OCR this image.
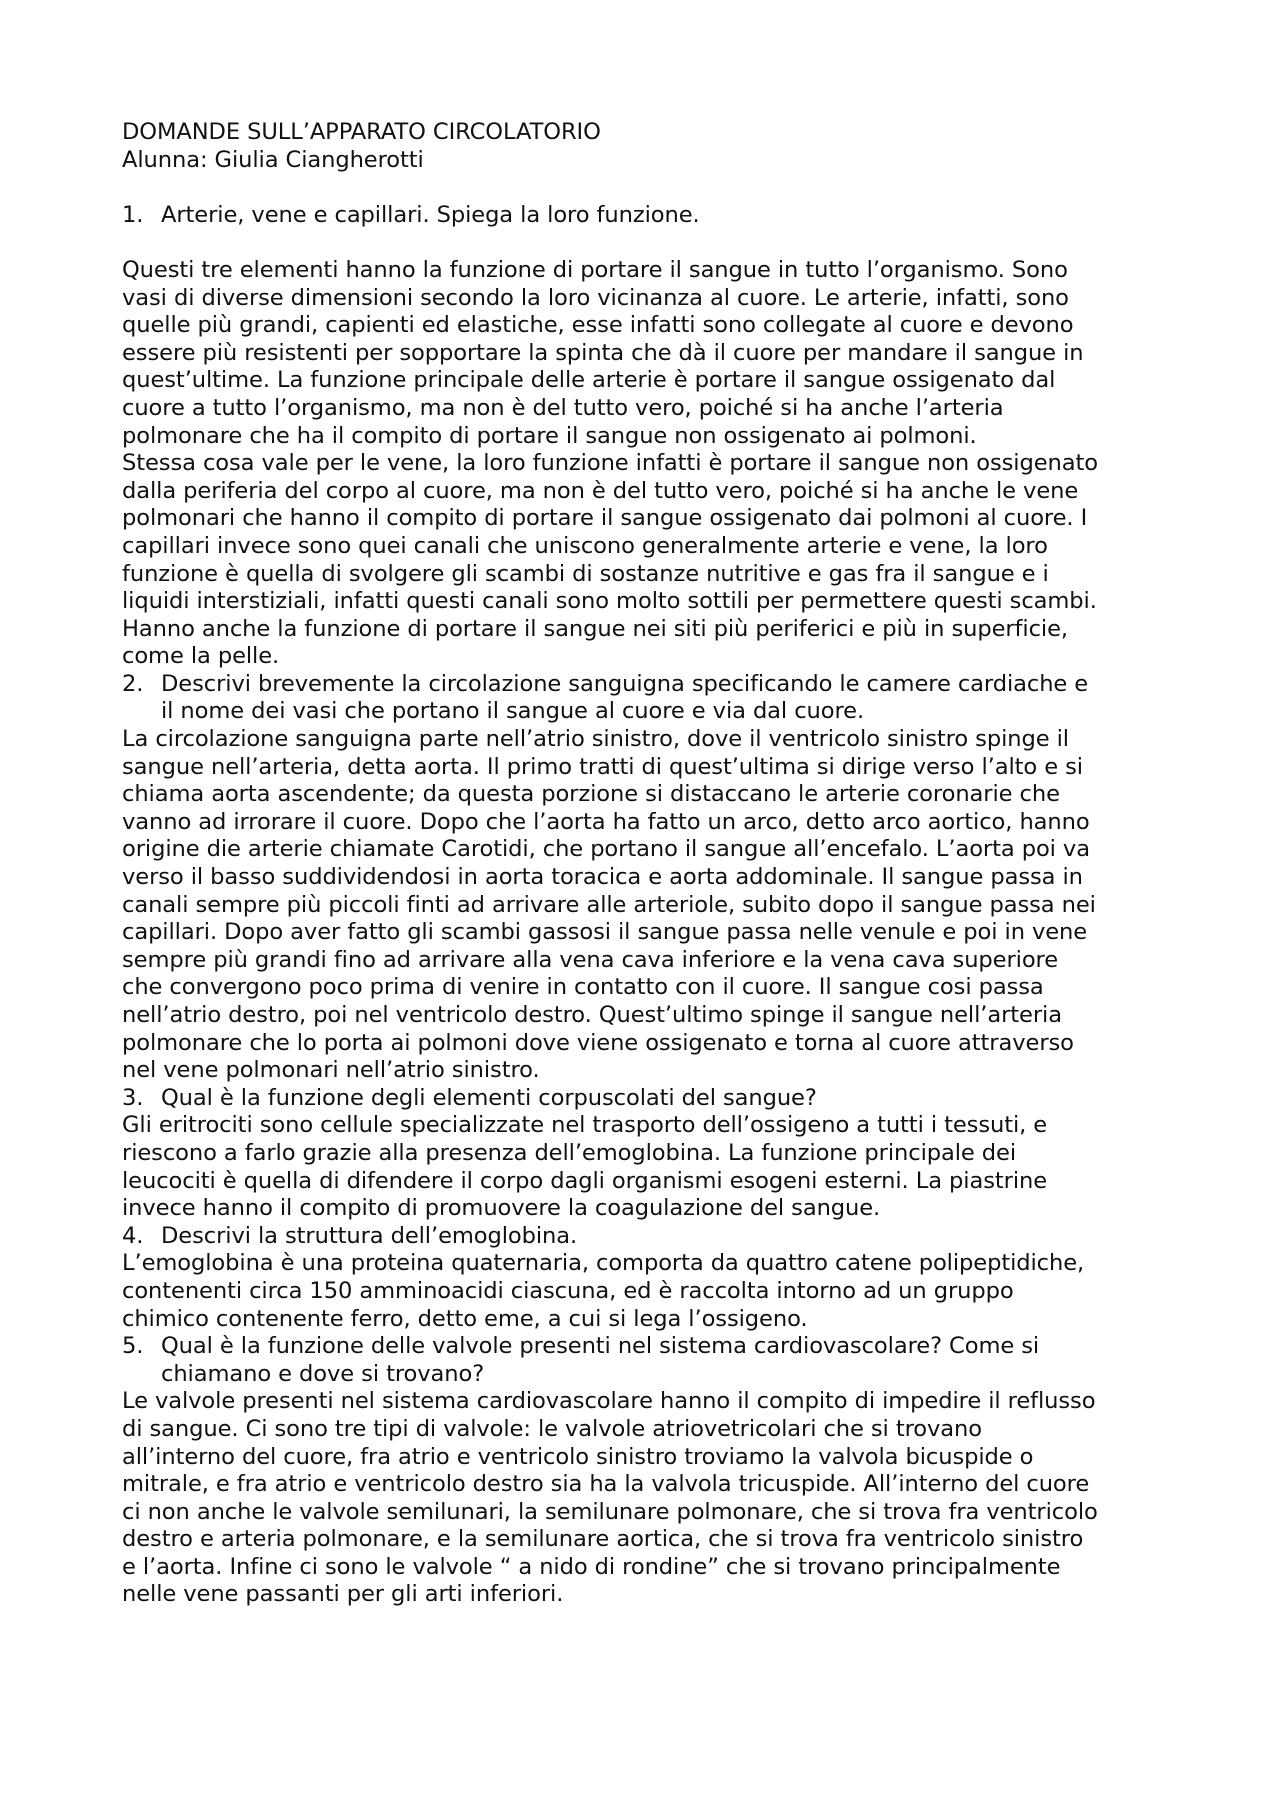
DOMANDE SULL’APPARATO CIRCOLATORIO
Alunna: Giulia Ciangherotti
1. Arterie, vene e capillari. Spiega la loro funzione.
Questi tre elementi hanno la funzione di portare il sangue in tutto l’organismo. Sono
vasi di diverse dimensioni secondo la loro vicinanza al cuore. Le arterie, infatti, sono
quelle più grandi, capienti ed elastiche, esse infatti sono collegate al cuore e devono
essere più resistenti per sopportare la spinta che dà il cuore per mandare il sangue in
quest’ultime. La funzione principale delle arterie è portare il sangue ossigenato dal
cuore a tutto l’organismo, ma non è del tutto vero, poiché si ha anche l’arteria
polmonare che ha il compito di portare il sangue non ossigenato ai polmoni.
Stessa cosa vale per le vene, la loro funzione infatti è portare il sangue non ossigenato
dalla periferia del corpo al cuore, ma non è del tutto vero, poiché si ha anche le vene
polmonari che hanno il compito di portare il sangue ossigenato dai polmoni al cuore. I
capillari invece sono quei canali che uniscono generalmente arterie e vene, la loro
funzione è quella di svolgere gli scambi di sostanze nutritive e gas fra il sangue e i
liquidi interstiziali, infatti questi canali sono molto sottili per permettere questi scambi.
Hanno anche la funzione di portare il sangue nei siti più periferici e più in superficie,
come la pelle.
2. Descrivi brevemente la circolazione sanguigna specificando le camere cardiache e
il nome dei vasi che portano il sangue al cuore e via dal cuore.
La circolazione sanguigna parte nell’atrio sinistro, dove il ventricolo sinistro spinge il
sangue nell’arteria, detta aorta. Il primo tratti di quest’ultima si dirige verso l’alto e si
chiama aorta ascendente; da questa porzione si distaccano le arterie coronarie che
vanno ad irrorare il cuore. Dopo che l’aorta ha fatto un arco, detto arco aortico, hanno
origine die arterie chiamate Carotidi, che portano il sangue all’encefalo. L’aorta poi va
verso il basso suddividendosi in aorta toracica e aorta addominale. Il sangue passa in
canali sempre più piccoli finti ad arrivare alle arteriole, subito dopo il sangue passa nei
capillari. Dopo aver fatto gli scambi gassosi il sangue passa nelle venule e poi in vene
sempre più grandi fino ad arrivare alla vena cava inferiore e la vena cava superiore
che convergono poco prima di venire in contatto con il cuore. Il sangue cosi passa
nell’atrio destro, poi nel ventricolo destro. Quest’ultimo spinge il sangue nell’arteria
polmonare che lo porta ai polmoni dove viene ossigenato e torna al cuore attraverso
nel vene polmonari nell’atrio sinistro.
3. Qual è la funzione degli elementi corpuscolati del sangue?
Gli eritrociti sono cellule specializzate nel trasporto dell’ossigeno a tutti i tessuti, e
riescono a farlo grazie alla presenza dell’emoglobina. La funzione principale dei
leucociti è quella di difendere il corpo dagli organismi esogeni esterni. La piastrine
invece hanno il compito di promuovere la coagulazione del sangue.
4. Descrivi la struttura dell’emoglobina.
L’emoglobina è una proteina quaternaria, comporta da quattro catene polipeptidiche,
contenenti circa 150 amminoacidi ciascuna, ed è raccolta intorno ad un gruppo
chimico contenente ferro, detto eme, a cui si lega l’ossigeno.
5. Qual è la funzione delle valvole presenti nel sistema cardiovascolare? Come si
chiamano e dove si trovano?
Le valvole presenti nel sistema cardiovascolare hanno il compito di impedire il reflusso
di sangue. Ci sono tre tipi di valvole: le valvole atriovetricolari che si trovano
all’interno del cuore, fra atrio e ventricolo sinistro troviamo la valvola bicuspide o
mitrale, e fra atrio e ventricolo destro sia ha la valvola tricuspide. All’interno del cuore
ci non anche le valvole semilunari, la semilunare polmonare, che si trova fra ventricolo
destro e arteria polmonare, e la semilunare aortica, che si trova fra ventricolo sinistro
e l’aorta. Infine ci sono le valvole “ a nido di rondine” che si trovano principalmente
nelle vene passanti per gli arti inferiori.
